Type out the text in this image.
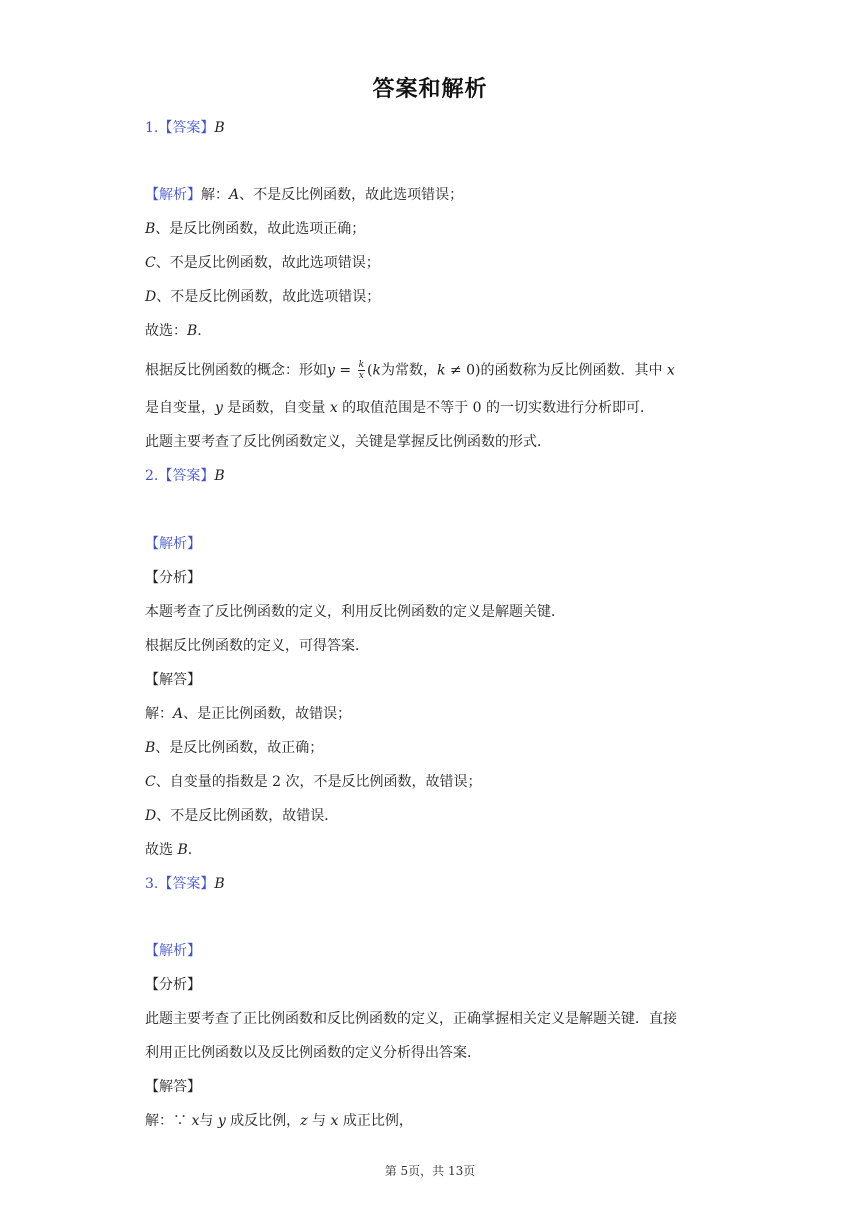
答案和解析
1.【答案】B
【解析】解：A、不是反比例函数，故此选项错误；
B、是反比例函数，故此选项正确；
C、不是反比例函数，故此选项错误；
D、不是反比例函数，故此选项错误；
故选：B.
根据反比例函数的概念：形如$y = \frac{k}{x} (k$为常数，k ≠ 0)的函数称为反比例函数．其中 x
是自变量，y 是函数，自变量 x 的取值范围是不等于 0 的一切实数进行分析即可．
此题主要考查了反比例函数定义，关键是掌握反比例函数的形式．
2.【答案】B
【解析】
【分析】
本题考查了反比例函数的定义，利用反比例函数的定义是解题关键．
根据反比例函数的定义，可得答案．
【解答】
解：A、是正比例函数，故错误；
B、是反比例函数，故正确；
C、自变量的指数是 2 次，不是反比例函数，故错误；
D、不是反比例函数，故错误．
故选 B.
3.【答案】B
【解析】
【分析】
此题主要考查了正比例函数和反比例函数的定义，正确掌握相关定义是解题关键．直接
利用正比例函数以及反比例函数的定义分析得出答案．
【解答】
解：∵ x与 y 成反比例，z 与 x 成正比例，
第 5页，共 13页
